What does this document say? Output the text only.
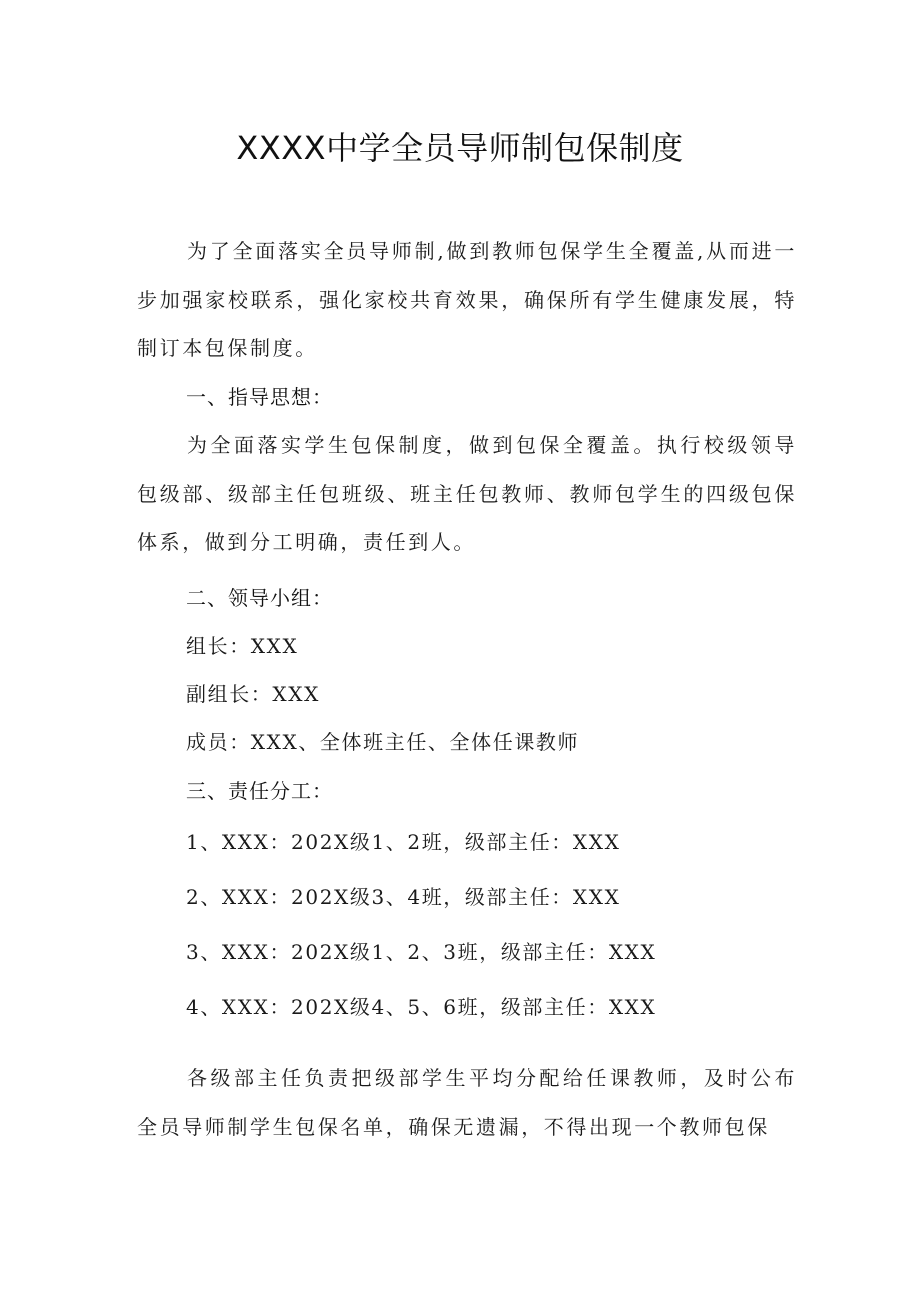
XXXX中学全员导师制包保制度
为了全面落实全员导师制,做到教师包保学生全覆盖,从而进一步加强家校联系，强化家校共育效果，确保所有学生健康发展，特制订本包保制度。
一、指导思想：
为全面落实学生包保制度，做到包保全覆盖。执行校级领导包级部、级部主任包班级、班主任包教师、教师包学生的四级包保体系，做到分工明确，责任到人。
二、领导小组：
组长：XXX
副组长：XXX
成员：XXX、全体班主任、全体任课教师
三、责任分工：
1、XXX：202X级1、2班，级部主任：XXX
2、XXX：202X级3、4班，级部主任：XXX
3、XXX：202X级1、2、3班，级部主任：XXX
4、XXX：202X级4、5、6班，级部主任：XXX
各级部主任负责把级部学生平均分配给任课教师，及时公布全员导师制学生包保名单，确保无遗漏，不得出现一个教师包保
